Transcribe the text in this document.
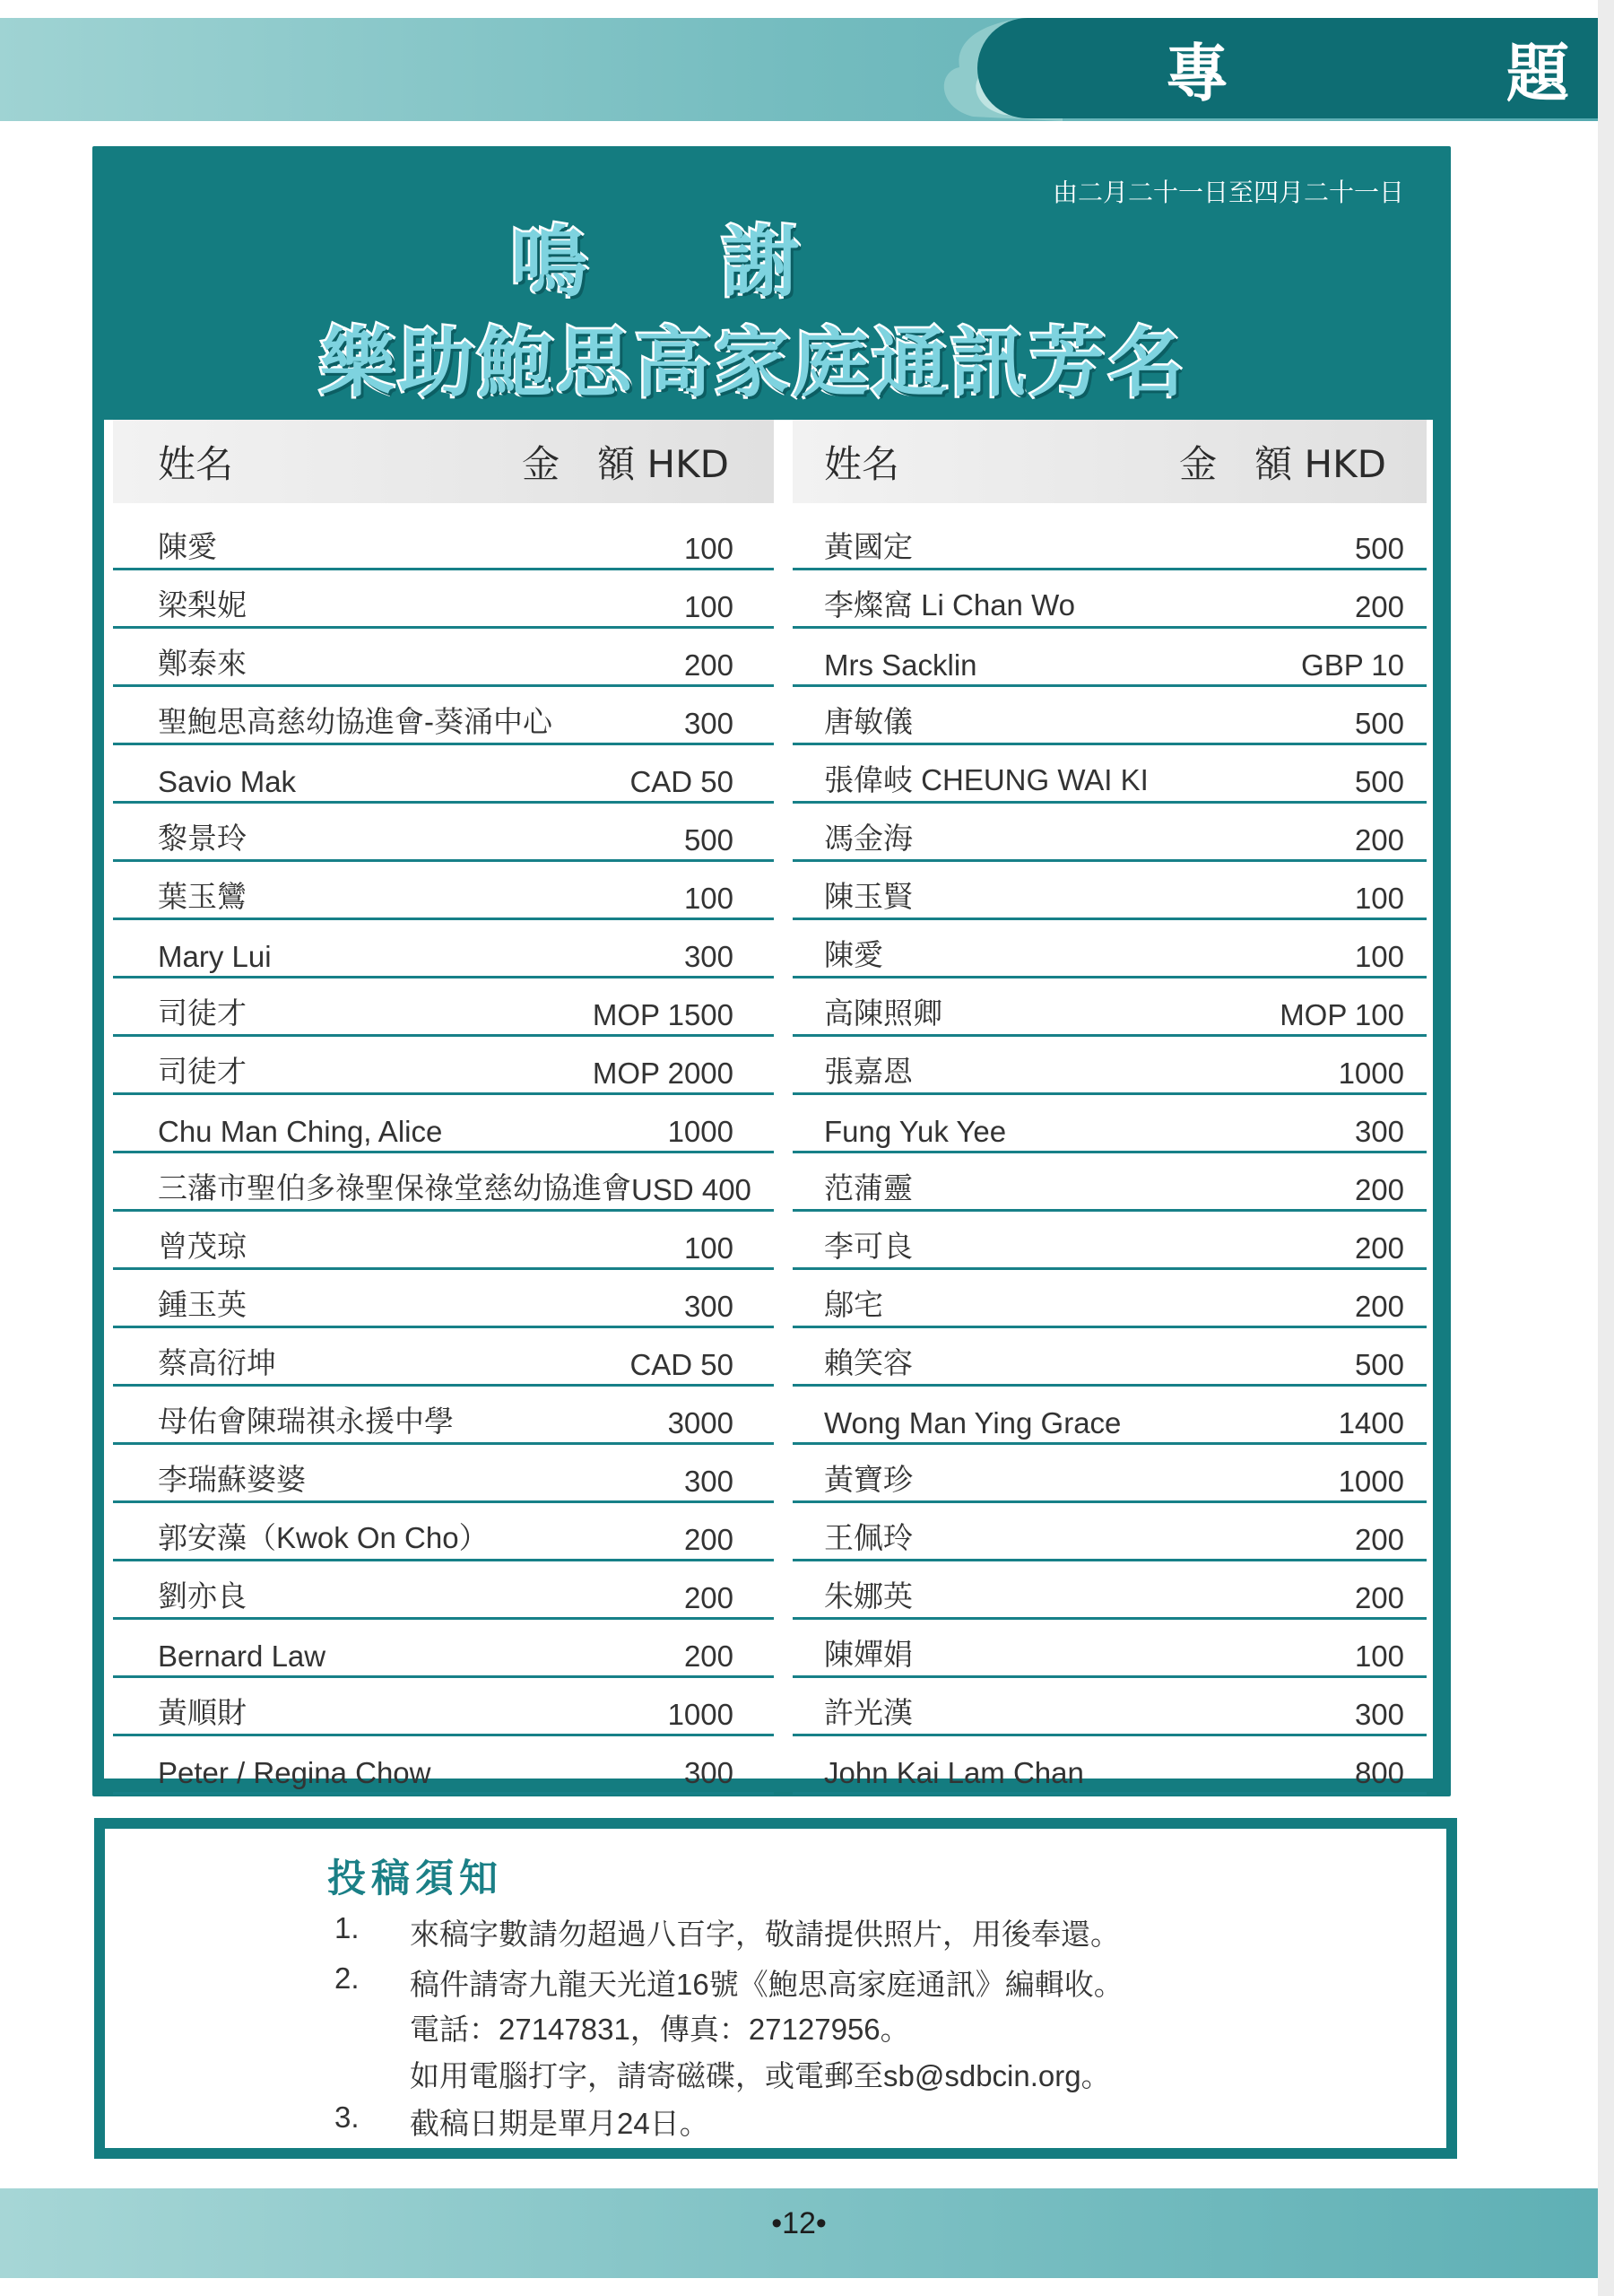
專	題
由二月二十一日至四月二十一日
鳴 謝
樂助鮑思高家庭通訊芳名
姓名	金　額 HKD
陳愛	100
梁梨妮	100
鄭泰來	200
聖鮑思高慈幼協進會-葵涌中心	300
Savio Mak	CAD 50
黎景玲	500
葉玉鸞	100
Mary Lui	300
司徒才	MOP 1500
司徒才	MOP 2000
Chu Man Ching, Alice	1000
三藩市聖伯多祿聖保祿堂慈幼協進會 USD 400
曾茂琼	100
鍾玉英	300
蔡高衍坤	CAD 50
母佑會陳瑞祺永援中學	3000
李瑞蘇婆婆	300
郭安藻（Kwok On Cho）	200
劉亦良	200
Bernard Law	200
黃順財	1000
Peter / Regina Chow	300
姓名	金　額 HKD
黃國定	500
李燦窩 Li Chan Wo	200
Mrs Sacklin	GBP 10
唐敏儀	500
張偉岐 CHEUNG WAI KI	500
馮金海	200
陳玉賢	100
陳愛	100
高陳照卿	MOP 100
張嘉恩	1000
Fung Yuk Yee	300
范蒲靈	200
李可良	200
鄔宅	200
賴笑容	500
Wong Man Ying Grace	1400
黃寶珍	1000
王佩玲	200
朱娜英	200
陳嬋娟	100
許光漢	300
John Kai Lam Chan	800
投稿須知
1. 來稿字數請勿超過八百字，敬請提供照片，用後奉還。
2. 稿件請寄九龍天光道16號《鮑思高家庭通訊》編輯收。
電話：27147831，傳真：27127956。
如用電腦打字，請寄磁碟，或電郵至sb@sdbcin.org。
3. 截稿日期是單月24日。
•12•
